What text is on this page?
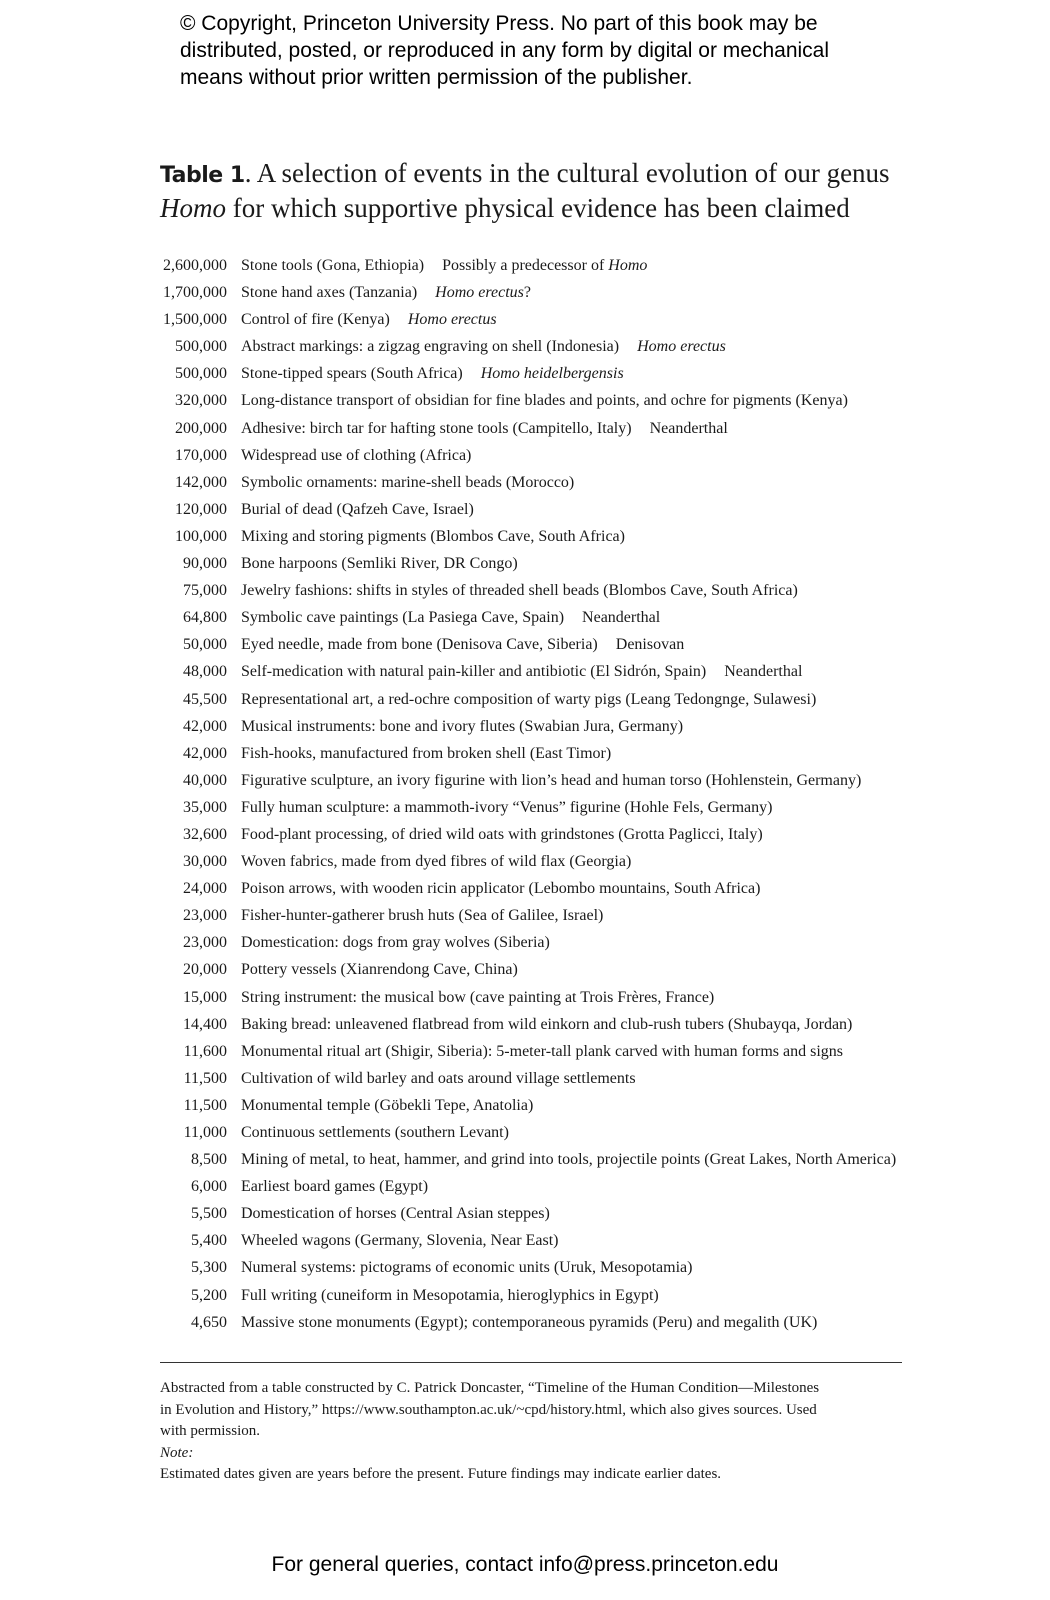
© Copyright, Princeton University Press. No part of this book may be
distributed, posted, or reproduced in any form by digital or mechanical
means without prior written permission of the publisher.
Table 1. A selection of events in the cultural evolution of our genus
Homo for which supportive physical evidence has been claimed
2,600,000 Stone tools (Gona, Ethiopia)	Possibly a predecessor of Homo
1,700,000 Stone hand axes (Tanzania)	Homo erectus?
1,500,000 Control of fire (Kenya)	Homo erectus
500,000 Abstract markings: a zigzag engraving on shell (Indonesia)	Homo erectus
500,000 Stone-tipped spears (South Africa)	Homo heidelbergensis
320,000 Long-distance transport of obsidian for fine blades and points, and ochre for pigments (Kenya)
200,000 Adhesive: birch tar for hafting stone tools (Campitello, Italy)	Neanderthal
170,000 Widespread use of clothing (Africa)
142,000 Symbolic ornaments: marine-shell beads (Morocco)
120,000 Burial of dead (Qafzeh Cave, Israel)
100,000 Mixing and storing pigments (Blombos Cave, South Africa)
90,000 Bone harpoons (Semliki River, DR Congo)
75,000 Jewelry fashions: shifts in styles of threaded shell beads (Blombos Cave, South Africa)
64,800 Symbolic cave paintings (La Pasiega Cave, Spain)	Neanderthal
50,000 Eyed needle, made from bone (Denisova Cave, Siberia)	Denisovan
48,000 Self-medication with natural pain-killer and antibiotic (El Sidrón, Spain)	Neanderthal
45,500 Representational art, a red-ochre composition of warty pigs (Leang Tedongnge, Sulawesi)
42,000 Musical instruments: bone and ivory flutes (Swabian Jura, Germany)
42,000 Fish-hooks, manufactured from broken shell (East Timor)
40,000 Figurative sculpture, an ivory figurine with lion’s head and human torso (Hohlenstein, Germany)
35,000 Fully human sculpture: a mammoth-ivory “Venus” figurine (Hohle Fels, Germany)
32,600 Food-plant processing, of dried wild oats with grindstones (Grotta Paglicci, Italy)
30,000 Woven fabrics, made from dyed fibres of wild flax (Georgia)
24,000 Poison arrows, with wooden ricin applicator (Lebombo mountains, South Africa)
23,000 Fisher-hunter-gatherer brush huts (Sea of Galilee, Israel)
23,000 Domestication: dogs from gray wolves (Siberia)
20,000 Pottery vessels (Xianrendong Cave, China)
15,000 String instrument: the musical bow (cave painting at Trois Frères, France)
14,400 Baking bread: unleavened flatbread from wild einkorn and club-rush tubers (Shubayqa, Jordan)
11,600 Monumental ritual art (Shigir, Siberia): 5-meter-tall plank carved with human forms and signs
11,500 Cultivation of wild barley and oats around village settlements
11,500 Monumental temple (Göbekli Tepe, Anatolia)
11,000 Continuous settlements (southern Levant)
8,500 Mining of metal, to heat, hammer, and grind into tools, projectile points (Great Lakes, North America)
6,000 Earliest board games (Egypt)
5,500 Domestication of horses (Central Asian steppes)
5,400 Wheeled wagons (Germany, Slovenia, Near East)
5,300 Numeral systems: pictograms of economic units (Uruk, Mesopotamia)
5,200 Full writing (cuneiform in Mesopotamia, hieroglyphics in Egypt)
4,650 Massive stone monuments (Egypt); contemporaneous pyramids (Peru) and megalith (UK)
Abstracted from a table constructed by C. Patrick Doncaster, “Timeline of the Human Condition—Milestones
in Evolution and History,” https://www.southampton.ac.uk/~cpd/history.html, which also gives sources. Used
with permission.
Note:
Estimated dates given are years before the present. Future findings may indicate earlier dates.
For general queries, contact info@press.princeton.edu
